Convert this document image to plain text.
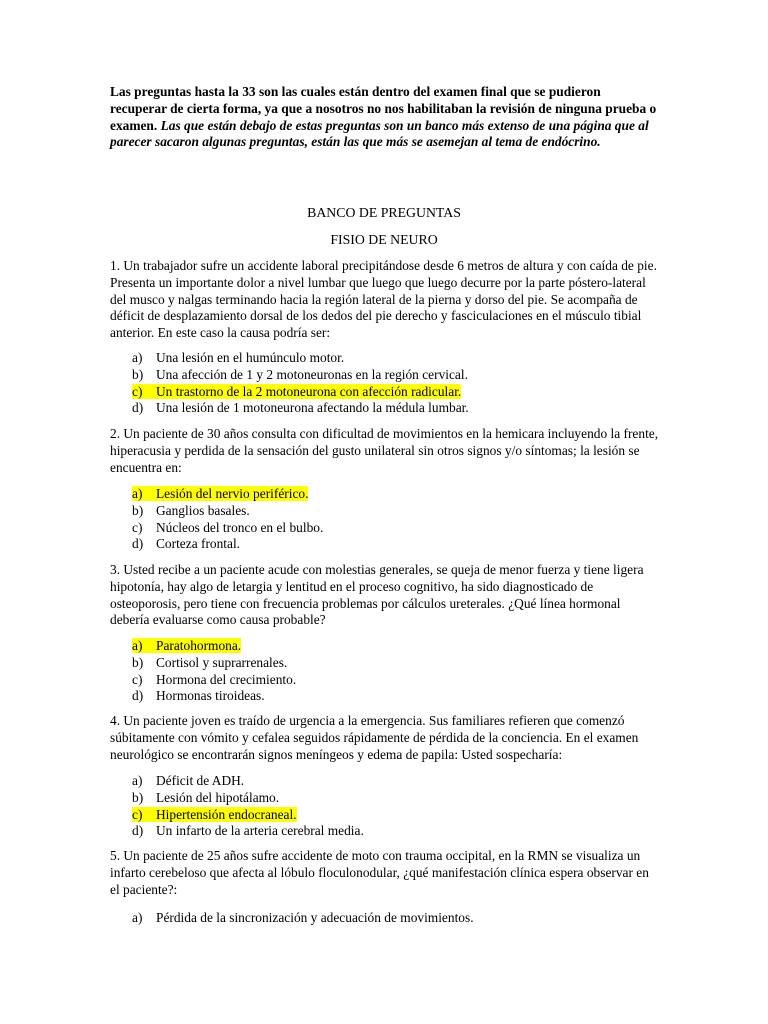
Las preguntas hasta la 33 son las cuales están dentro del examen final que se pudieron recuperar de cierta forma, ya que a nosotros no nos habilitaban la revisión de ninguna prueba o examen. Las que están debajo de estas preguntas son un banco más extenso de una página que al parecer sacaron algunas preguntas, están las que más se asemejan al tema de endócrino.
BANCO DE PREGUNTAS
FISIO DE NEURO
1. Un trabajador sufre un accidente laboral precipitándose desde 6 metros de altura y con caída de pie. Presenta un importante dolor a nivel lumbar que luego que luego decurre por la parte póstero-lateral del musco y nalgas terminando hacia la región lateral de la pierna y dorso del pie. Se acompaña de déficit de desplazamiento dorsal de los dedos del pie derecho y fasciculaciones en el músculo tibial anterior. En este caso la causa podría ser:
a) Una lesión en el humúnculo motor.
b) Una afección de 1 y 2 motoneuronas en la región cervical.
c) Un trastorno de la 2 motoneurona con afección radicular.
d) Una lesión de 1 motoneurona afectando la médula lumbar.
2. Un paciente de 30 años consulta con dificultad de movimientos en la hemicara incluyendo la frente, hiperacusia y perdida de la sensación del gusto unilateral sin otros signos y/o síntomas; la lesión se encuentra en:
a) Lesión del nervio periférico.
b) Ganglios basales.
c) Núcleos del tronco en el bulbo.
d) Corteza frontal.
3. Usted recibe a un paciente acude con molestias generales, se queja de menor fuerza y tiene ligera hipotonía, hay algo de letargia y lentitud en el proceso cognitivo, ha sido diagnosticado de osteoporosis, pero tiene con frecuencia problemas por cálculos ureterales. ¿Qué línea hormonal debería evaluarse como causa probable?
a) Paratohormona.
b) Cortisol y suprarrenales.
c) Hormona del crecimiento.
d) Hormonas tiroideas.
4. Un paciente joven es traído de urgencia a la emergencia. Sus familiares refieren que comenzó súbitamente con vómito y cefalea seguidos rápidamente de pérdida de la conciencia. En el examen neurológico se encontrarán signos meníngeos y edema de papila: Usted sospecharía:
a) Déficit de ADH.
b) Lesión del hipotálamo.
c) Hipertensión endocraneal.
d) Un infarto de la arteria cerebral media.
5. Un paciente de 25 años sufre accidente de moto con trauma occipital, en la RMN se visualiza un infarto cerebeloso que afecta al lóbulo floculonodular, ¿qué manifestación clínica espera observar en el paciente?:
a) Pérdida de la sincronización y adecuación de movimientos.
